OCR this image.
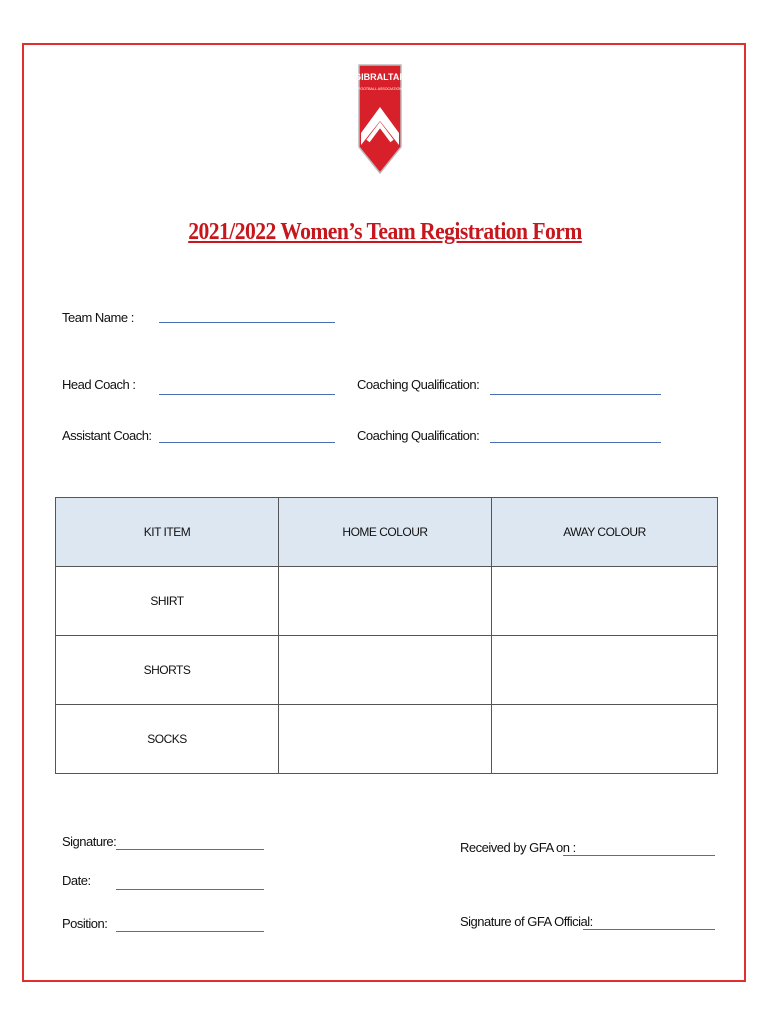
GIBRALTAR
FOOTBALL ASSOCIATION
2021/2022 Women’s Team Registration Form
Team Name :
Head Coach :	Coaching Qualification:
Assistant Coach:	Coaching Qualification:
KIT ITEM	HOME COLOUR	AWAY COLOUR
SHIRT		
SHORTS		
SOCKS		
Signature:
Date:
Position:
Received by GFA on :
Signature of GFA Official:
